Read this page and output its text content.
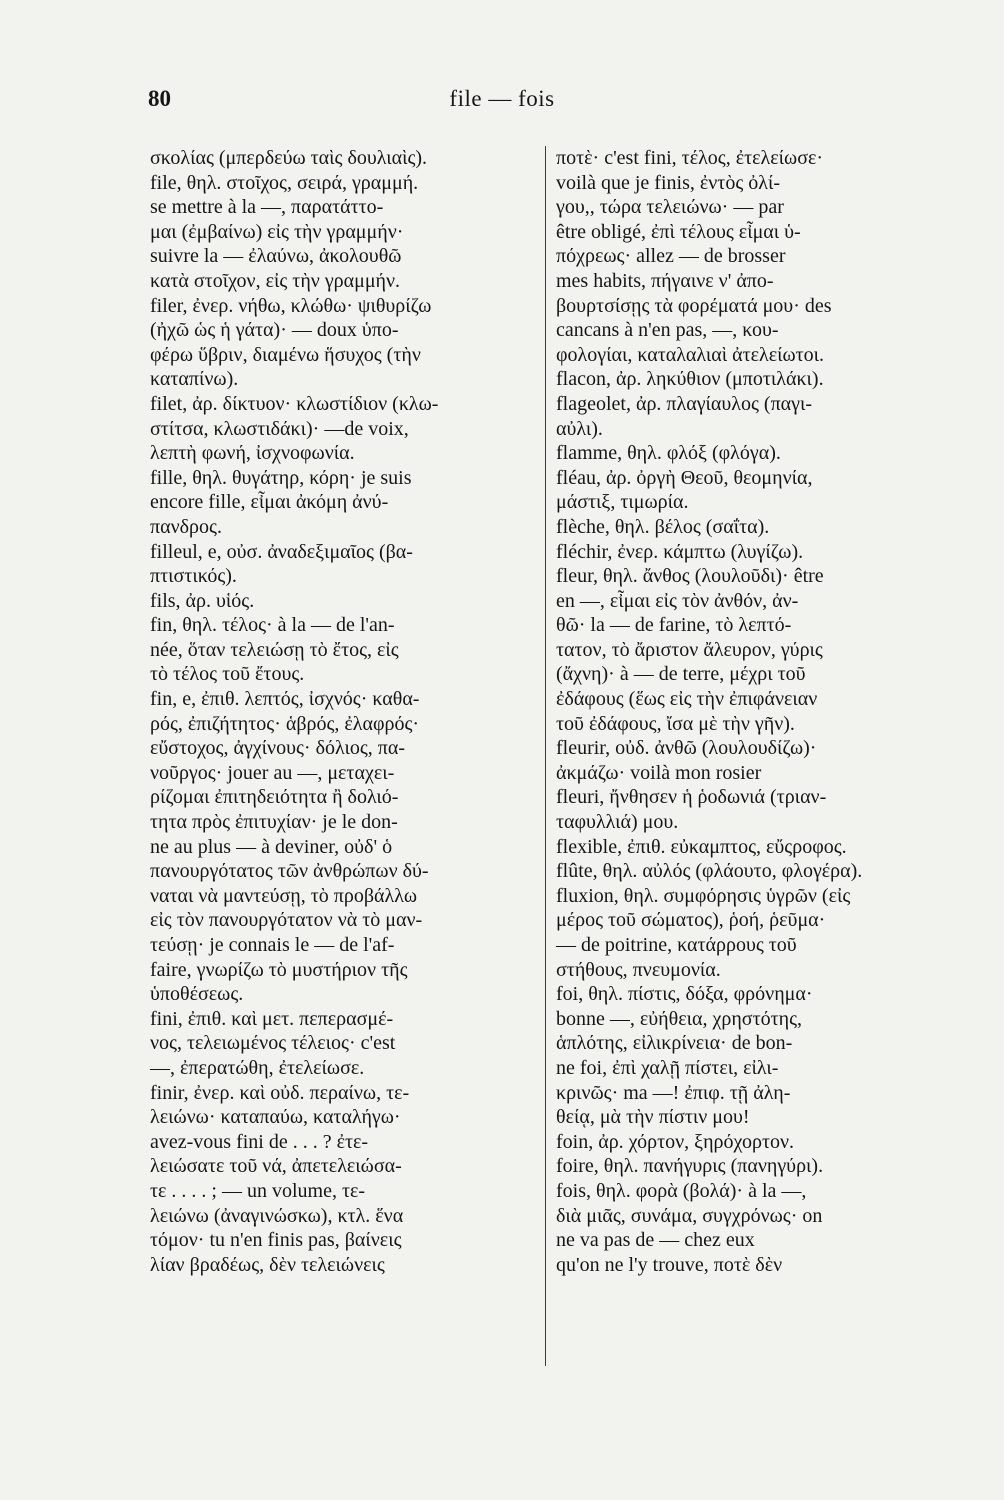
80	file — fois
σκολίας (μπερδεύω ταὶς δουλιαὶς).
file, θηλ. στοῖχος, σειρά, γραμμή.
se mettre à la —, παρατάττο-
μαι (ἐμβαίνω) εἰς τὴν γραμμήν·
suivre la — ἐλαύνω, ἀκολουθῶ
κατὰ στοῖχον, εἰς τὴν γραμμήν.
filer, ἐνερ. νήθω, κλώθω· ψιθυρίζω
(ἠχῶ ὡς ἡ γάτα)· — doux ὑπο-
φέρω ὕβριν, διαμένω ἥσυχος (τὴν
καταπίνω).
filet, ἀρ. δίκτυον· κλωστίδιον (κλω-
στίτσα, κλωστιδάκι)· —de voix,
λεπτὴ φωνή, ἰσχνοφωνία.
fille, θηλ. θυγάτηρ, κόρη· je suis
encore fille, εἶμαι ἀκόμη ἀνύ-
πανδρος.
filleul, e, οὐσ. ἀναδεξιμαῖος (βα-
πτιστικός).
fils, ἀρ. υἱός.
fin, θηλ. τέλος· à la — de l'an-
née, ὅταν τελειώσῃ τὸ ἔτος, εἰς
τὸ τέλος τοῦ ἔτους.
fin, e, ἐπιθ. λεπτός, ἰσχνός· καθα-
ρός, ἐπιζήτητος· ἁβρός, ἐλαφρός·
εὔστοχος, ἀγχίνους· δόλιος, πα-
νοῦργος· jouer au —, μεταχει-
ρίζομαι ἐπιτηδειότητα ἢ δολιό-
τητα πρὸς ἐπιτυχίαν· je le don-
ne au plus — à deviner, οὐδ' ὁ
πανουργότατος τῶν ἀνθρώπων δύ-
ναται νὰ μαντεύσῃ, τὸ προβάλλω
εἰς τὸν πανουργότατον νὰ τὸ μαν-
τεύσῃ· je connais le — de l'af-
faire, γνωρίζω τὸ μυστήριον τῆς
ὑποθέσεως.
fini, ἐπιθ. καὶ μετ. πεπερασμέ-
νος, τελειωμένος τέλειος· c'est
—, ἐπερατώθη, ἐτελείωσε.
finir, ἐνερ. καὶ οὐδ. περαίνω, τε-
λειώνω· καταπαύω, καταλήγω·
avez-vous fini de . . . ? ἐτε-
λειώσατε τοῦ νά, ἀπετελειώσα-
τε . . . . ; — un volume, τε-
λειώνω (ἀναγινώσκω), κτλ. ἕνα
τόμον· tu n'en finis pas, βαίνεις
λίαν βραδέως, δὲν τελειώνεις
ποτὲ· c'est fini, τέλος, ἐτελείωσε·
voilà que je finis, ἐντὸς ὀλί-
γου,, τώρα τελειώνω· — par
être obligé, ἐπὶ τέλους εἶμαι ὑ-
πόχρεως· allez — de brosser
mes habits, πήγαινε ν' ἀπο-
βουρτσίσῃς τὰ φορέματά μου· des
cancans à n'en pas, —, κου-
φολογίαι, καταλαλιαὶ ἀτελείωτοι.
flacon, ἀρ. ληκύθιον (μποτιλάκι).
flageolet, ἀρ. πλαγίαυλος (παγι-
αὐλι).
flamme, θηλ. φλόξ (φλόγα).
fléau, ἀρ. ὀργὴ Θεοῦ, θεομηνία,
μάστιξ, τιμωρία.
flèche, θηλ. βέλος (σαΐτα).
fléchir, ἐνερ. κάμπτω (λυγίζω).
fleur, θηλ. ἄνθος (λουλοῦδι)· être
en —, εἶμαι εἰς τὸν ἀνθόν, ἀν-
θῶ· la — de farine, τὸ λεπτό-
τατον, τὸ ἄριστον ἄλευρον, γύρις
(ἄχνη)· à — de terre, μέχρι τοῦ
ἐδάφους (ἕως εἰς τὴν ἐπιφάνειαν
τοῦ ἐδάφους, ἴσα μὲ τὴν γῆν).
fleurir, οὐδ. ἀνθῶ (λουλουδίζω)·
ἀκμάζω· voilà mon rosier
fleuri, ἤνθησεν ἡ ῥοδωνιά (τριαν-
ταφυλλιά) μου.
flexible, ἐπιθ. εὐκαμπτος, εὔςροφος.
flûte, θηλ. αὐλός (φλάουτο, φλογέρα).
fluxion, θηλ. συμφόρησις ὑγρῶν (εἰς
μέρος τοῦ σώματος), ῥοή, ῥεῦμα·
— de poitrine, κατάρρους τοῦ
στήθους, πνευμονία.
foi, θηλ. πίστις, δόξα, φρόνημα·
bonne —, εὐήθεια, χρηστότης,
ἁπλότης, εἰλικρίνεια· de bon-
ne foi, ἐπὶ χαλῇ πίστει, εἰλι-
κρινῶς· ma —! ἐπιφ. τῇ ἀλη-
θείᾳ, μὰ τὴν πίστιν μου!
foin, ἀρ. χόρτον, ξηρόχορτον.
foire, θηλ. πανήγυρις (πανηγύρι).
fois, θηλ. φορὰ (βολά)· à la —,
διὰ μιᾶς, συνάμα, συγχρόνως· on
ne va pas de — chez eux
qu'on ne l'y trouve, ποτὲ δὲν
